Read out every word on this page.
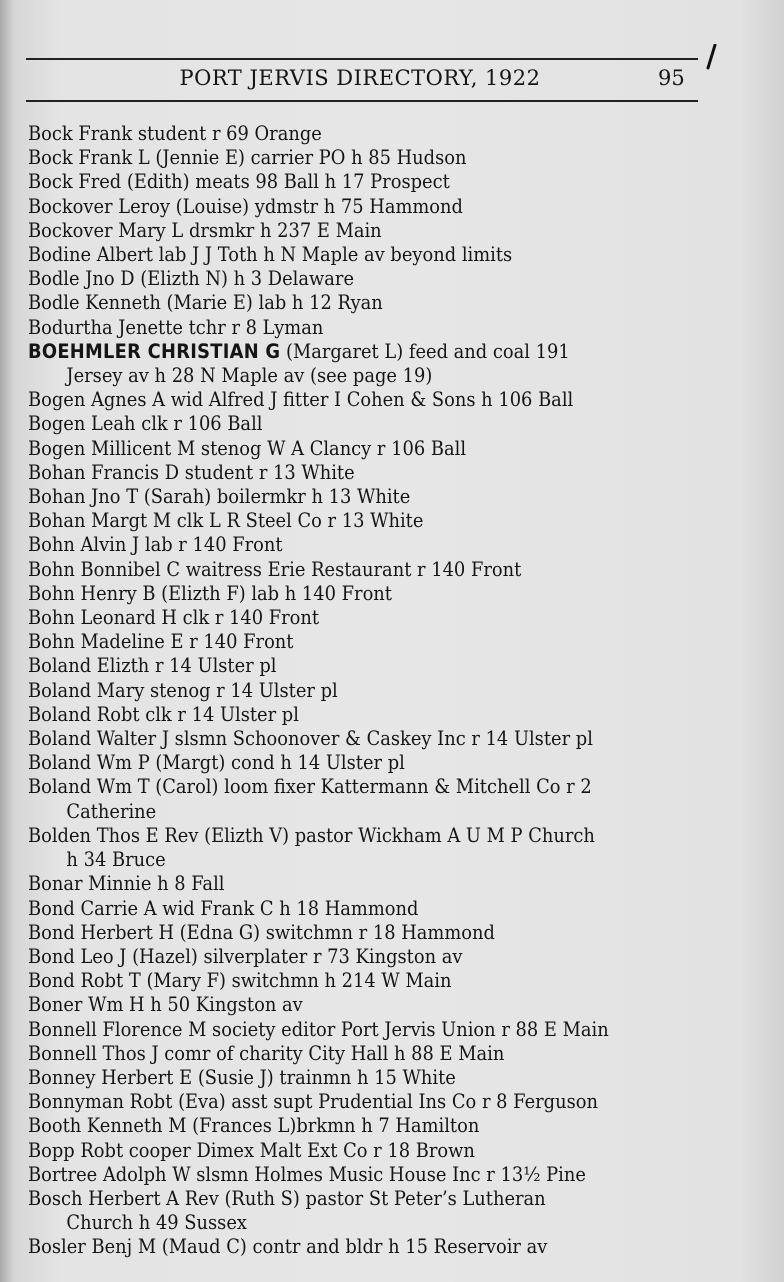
PORT JERVIS DIRECTORY, 1922	95
Bock Frank student r 69 Orange
Bock Frank L (Jennie E) carrier PO h 85 Hudson
Bock Fred (Edith) meats 98 Ball h 17 Prospect
Bockover Leroy (Louise) ydmstr h 75 Hammond
Bockover Mary L drsmkr h 237 E Main
Bodine Albert lab J J Toth h N Maple av beyond limits
Bodle Jno D (Elizth N) h 3 Delaware
Bodle Kenneth (Marie E) lab h 12 Ryan
Bodurtha Jenette tchr r 8 Lyman
BOEHMLER CHRISTIAN G (Margaret L) feed and coal 191
Jersey av h 28 N Maple av (see page 19)
Bogen Agnes A wid Alfred J fitter I Cohen & Sons h 106 Ball
Bogen Leah clk r 106 Ball
Bogen Millicent M stenog W A Clancy r 106 Ball
Bohan Francis D student r 13 White
Bohan Jno T (Sarah) boilermkr h 13 White
Bohan Margt M clk L R Steel Co r 13 White
Bohn Alvin J lab r 140 Front
Bohn Bonnibel C waitress Erie Restaurant r 140 Front
Bohn Henry B (Elizth F) lab h 140 Front
Bohn Leonard H clk r 140 Front
Bohn Madeline E r 140 Front
Boland Elizth r 14 Ulster pl
Boland Mary stenog r 14 Ulster pl
Boland Robt clk r 14 Ulster pl
Boland Walter J slsmn Schoonover & Caskey Inc r 14 Ulster pl
Boland Wm P (Margt) cond h 14 Ulster pl
Boland Wm T (Carol) loom fixer Kattermann & Mitchell Co r 2
Catherine
Bolden Thos E Rev (Elizth V) pastor Wickham A U M P Church
h 34 Bruce
Bonar Minnie h 8 Fall
Bond Carrie A wid Frank C h 18 Hammond
Bond Herbert H (Edna G) switchmn r 18 Hammond
Bond Leo J (Hazel) silverplater r 73 Kingston av
Bond Robt T (Mary F) switchmn h 214 W Main
Boner Wm H h 50 Kingston av
Bonnell Florence M society editor Port Jervis Union r 88 E Main
Bonnell Thos J comr of charity City Hall h 88 E Main
Bonney Herbert E (Susie J) trainmn h 15 White
Bonnyman Robt (Eva) asst supt Prudential Ins Co r 8 Ferguson
Booth Kenneth M (Frances L)brkmn h 7 Hamilton
Bopp Robt cooper Dimex Malt Ext Co r 18 Brown
Bortree Adolph W slsmn Holmes Music House Inc r 13½ Pine
Bosch Herbert A Rev (Ruth S) pastor St Peter’s Lutheran
Church h 49 Sussex
Bosler Benj M (Maud C) contr and bldr h 15 Reservoir av
